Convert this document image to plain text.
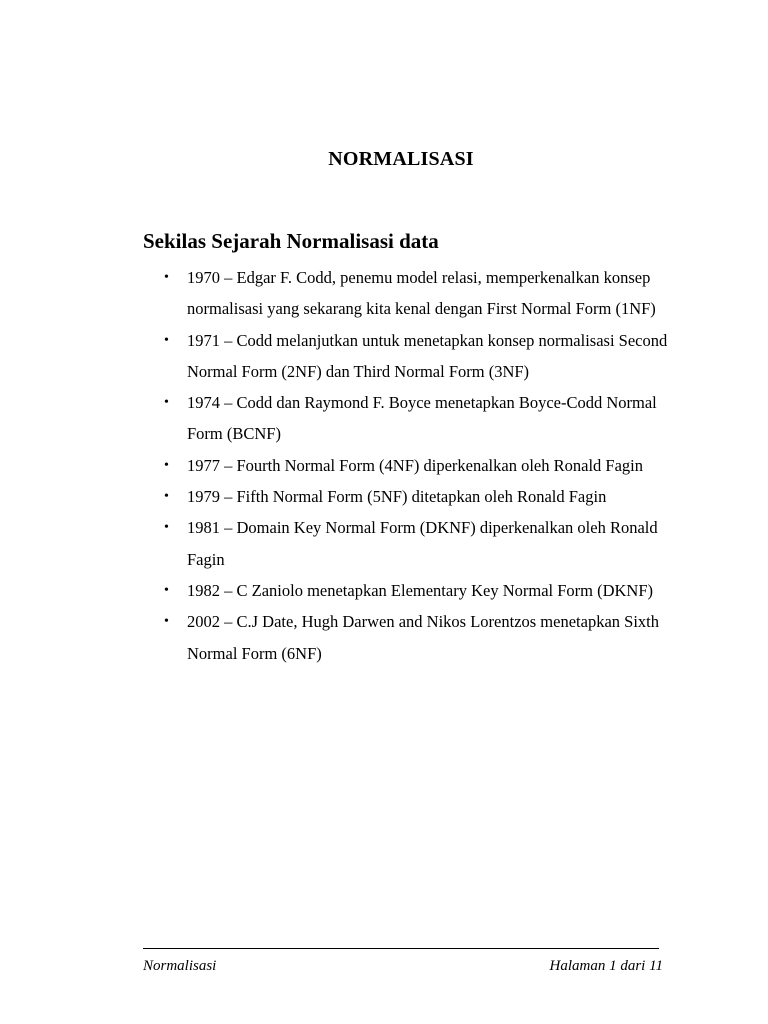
NORMALISASI
Sekilas Sejarah Normalisasi data
• 1970 – Edgar F. Codd, penemu model relasi, memperkenalkan konsep normalisasi yang sekarang kita kenal dengan First Normal Form (1NF)
• 1971 – Codd melanjutkan untuk menetapkan konsep normalisasi Second Normal Form (2NF) dan Third Normal Form (3NF)
• 1974 – Codd dan Raymond F. Boyce menetapkan Boyce-Codd Normal Form (BCNF)
• 1977 – Fourth Normal Form (4NF) diperkenalkan oleh Ronald Fagin
• 1979 – Fifth Normal Form (5NF) ditetapkan oleh Ronald Fagin
• 1981 – Domain Key Normal Form (DKNF) diperkenalkan oleh Ronald Fagin
• 1982 – C Zaniolo menetapkan Elementary Key Normal Form (DKNF)
• 2002 – C.J Date, Hugh Darwen and Nikos Lorentzos menetapkan Sixth Normal Form (6NF)
Normalisasi	Halaman 1 dari 11
